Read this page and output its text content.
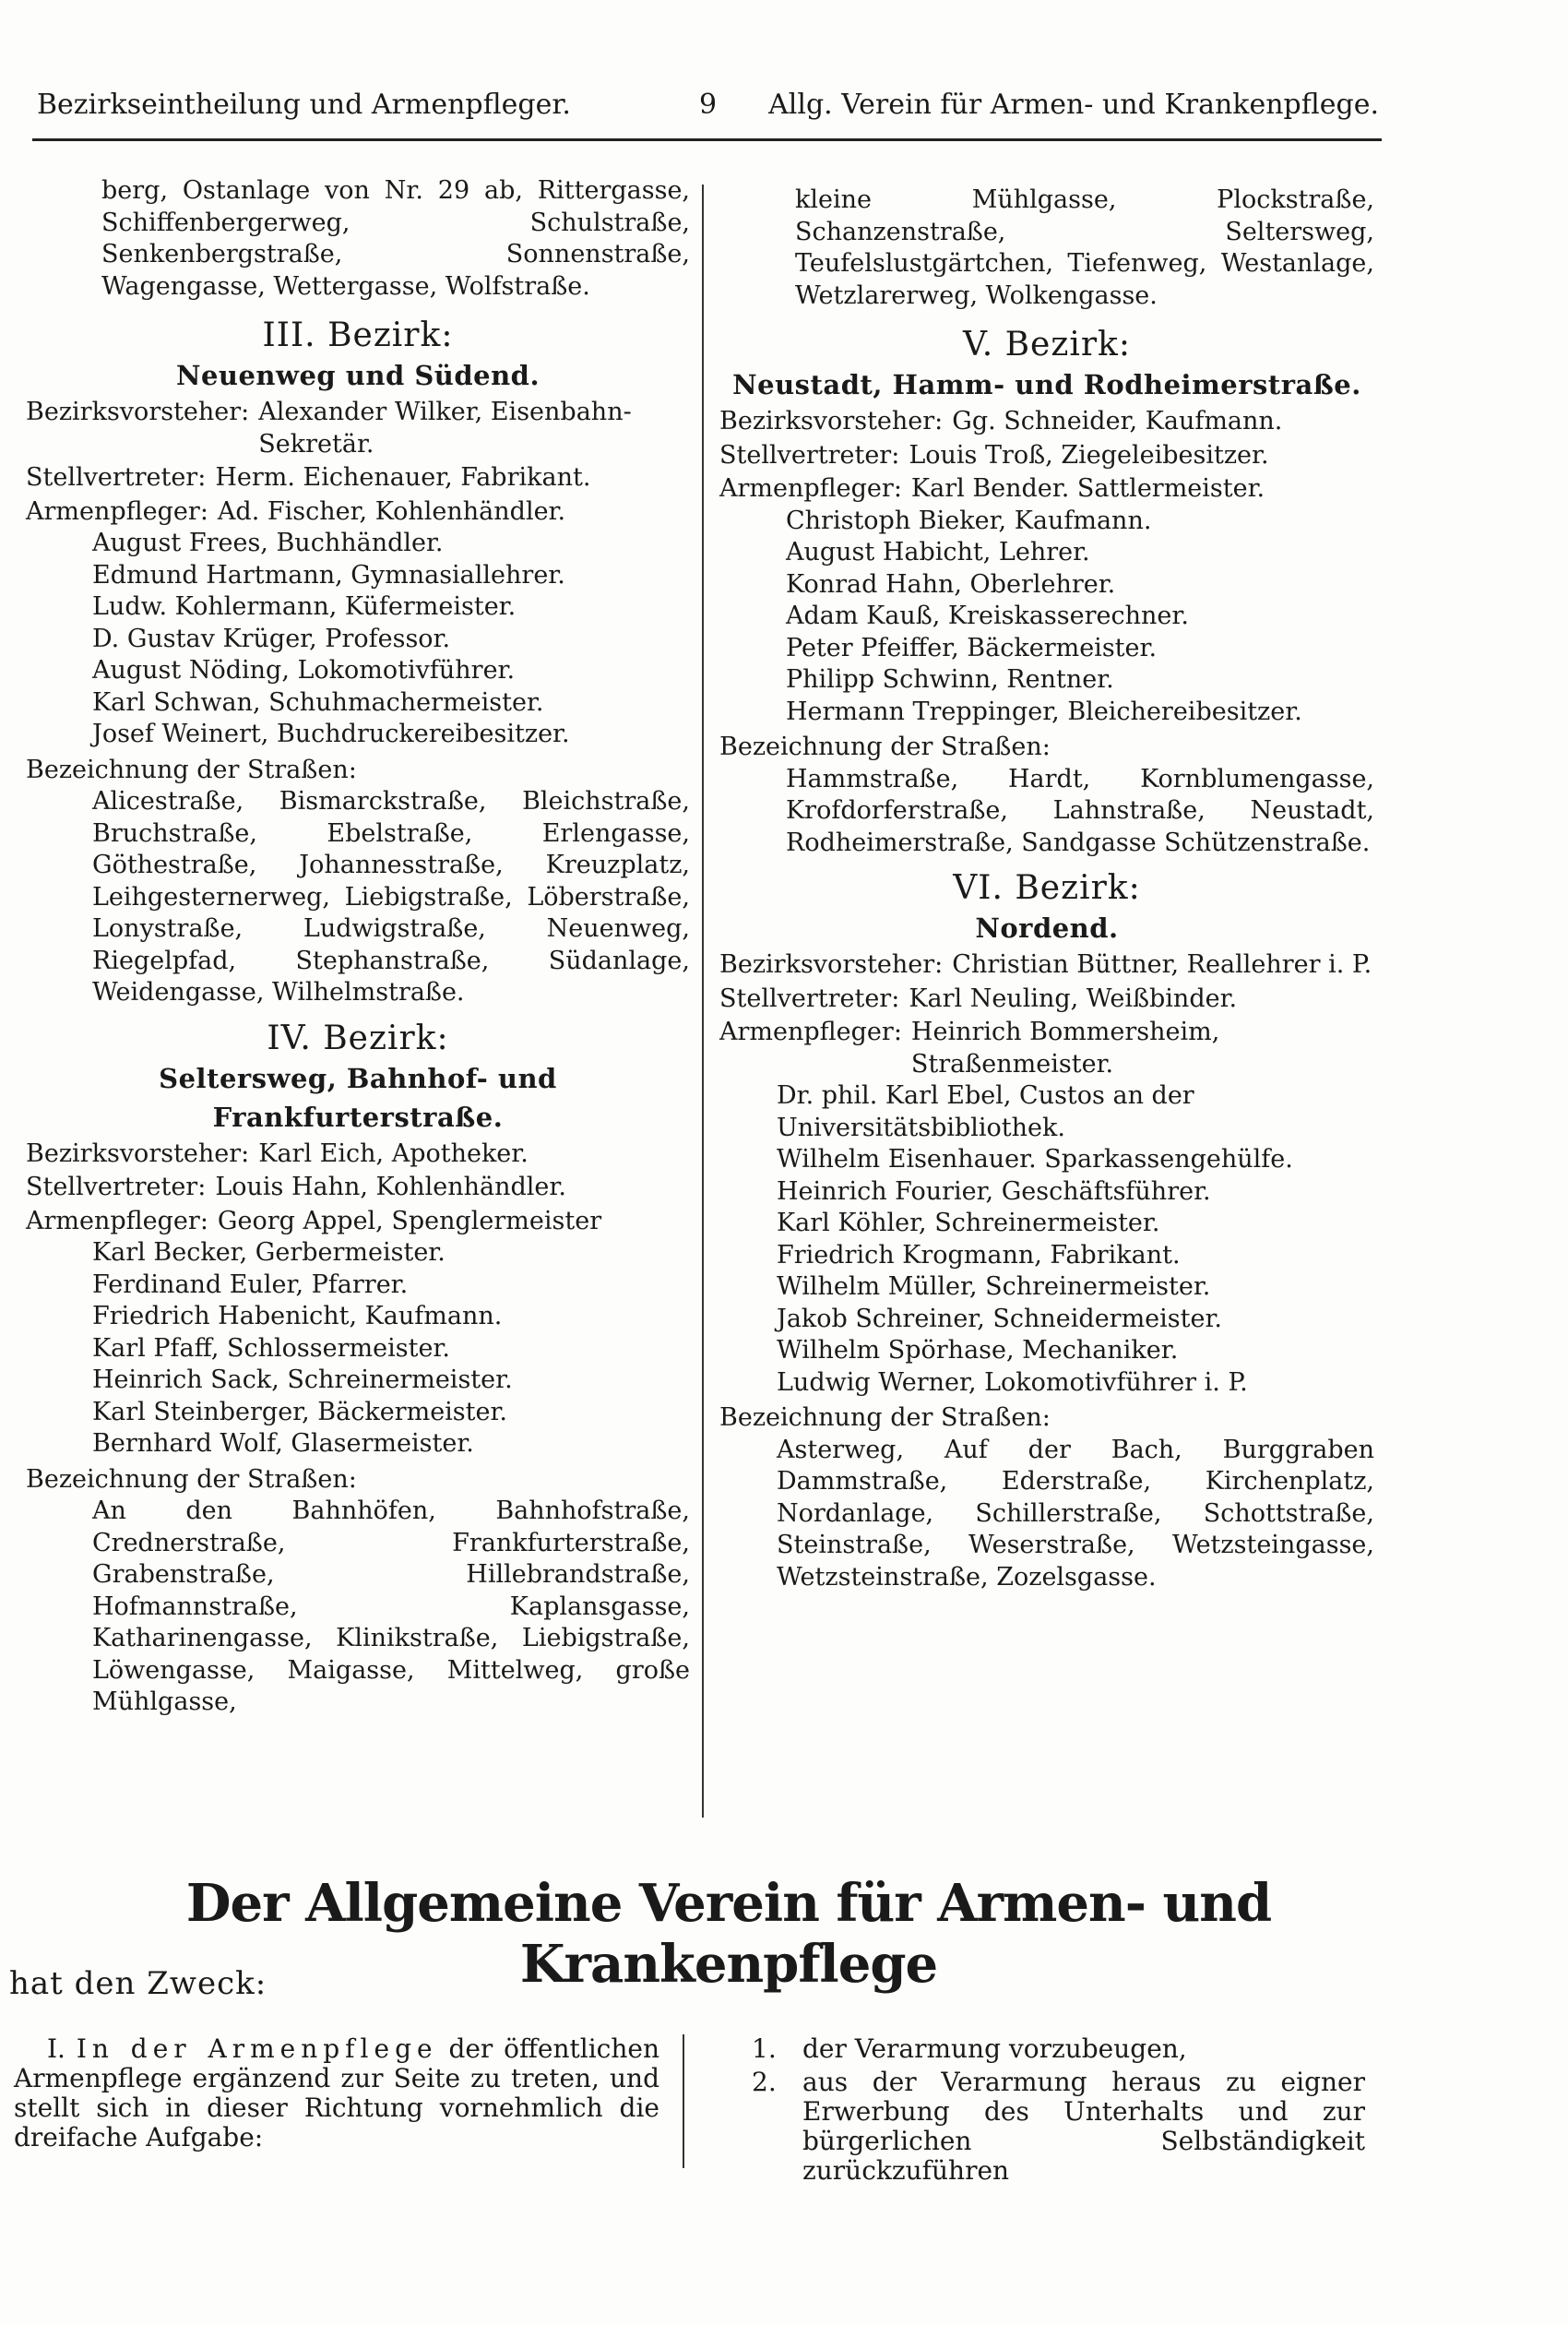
Bezirkseintheilung und Armenpfleger.	9 Allg. Verein für Armen- und Krankenpflege.
berg, Ostanlage von Nr. 29 ab, Rittergasse, Schiffenbergerweg, Schulstraße, Senkenbergstraße, Sonnenstraße, Wagengasse, Wettergasse, Wolfstraße.
III. Bezirk:
Neuenweg und Südend.
Bezirksvorsteher: Alexander Wilker, Eisenbahn-Sekretär.
Stellvertreter: Herm. Eichenauer, Fabrikant.
Armenpfleger: Ad. Fischer, Kohlenhändler.
August Frees, Buchhändler.
Edmund Hartmann, Gymnasiallehrer.
Ludw. Kohlermann, Küfermeister.
D. Gustav Krüger, Professor.
August Nöding, Lokomotivführer.
Karl Schwan, Schuhmachermeister.
Josef Weinert, Buchdruckereibesitzer.
Bezeichnung der Straßen:
Alicestraße, Bismarckstraße, Bleichstraße, Bruchstraße, Ebelstraße, Erlengasse, Göthestraße, Johannesstraße, Kreuzplatz, Leihgesternerweg, Liebigstraße, Löberstraße, Lonystraße, Ludwigstraße, Neuenweg, Riegelpfad, Stephanstraße, Südanlage, Weidengasse, Wilhelmstraße.
IV. Bezirk:
Seltersweg, Bahnhof- und Frankfurterstraße.
Bezirksvorsteher: Karl Eich, Apotheker.
Stellvertreter: Louis Hahn, Kohlenhändler.
Armenpfleger: Georg Appel, Spenglermeister
Karl Becker, Gerbermeister.
Ferdinand Euler, Pfarrer.
Friedrich Habenicht, Kaufmann.
Karl Pfaff, Schlossermeister.
Heinrich Sack, Schreinermeister.
Karl Steinberger, Bäckermeister.
Bernhard Wolf, Glasermeister.
Bezeichnung der Straßen:
An den Bahnhöfen, Bahnhofstraße, Crednerstraße, Frankfurterstraße, Grabenstraße, Hillebrandstraße, Hofmannstraße, Kaplansgasse, Katharinengasse, Klinikstraße, Liebigstraße, Löwengasse, Maigasse, Mittelweg, große Mühlgasse,
kleine Mühlgasse, Plockstraße, Schanzenstraße, Seltersweg, Teufelslustgärtchen, Tiefenweg, Westanlage, Wetzlarerweg, Wolkengasse.
V. Bezirk:
Neustadt, Hamm- und Rodheimerstraße.
Bezirksvorsteher: Gg. Schneider, Kaufmann.
Stellvertreter: Louis Troß, Ziegeleibesitzer.
Armenpfleger: Karl Bender. Sattlermeister.
Christoph Bieker, Kaufmann.
August Habicht, Lehrer.
Konrad Hahn, Oberlehrer.
Adam Kauß, Kreiskasserechner.
Peter Pfeiffer, Bäckermeister.
Philipp Schwinn, Rentner.
Hermann Treppinger, Bleichereibesitzer.
Bezeichnung der Straßen:
Hammstraße, Hardt, Kornblumengasse, Krofdorferstraße, Lahnstraße, Neustadt, Rodheimerstraße, Sandgasse Schützenstraße.
VI. Bezirk:
Nordend.
Bezirksvorsteher: Christian Büttner, Reallehrer i. P.
Stellvertreter: Karl Neuling, Weißbinder.
Armenpfleger: Heinrich Bommersheim, Straßenmeister.
Dr. phil. Karl Ebel, Custos an der Universitätsbibliothek.
Wilhelm Eisenhauer. Sparkassengehülfe.
Heinrich Fourier, Geschäftsführer.
Karl Köhler, Schreinermeister.
Friedrich Krogmann, Fabrikant.
Wilhelm Müller, Schreinermeister.
Jakob Schreiner, Schneidermeister.
Wilhelm Spörhase, Mechaniker.
Ludwig Werner, Lokomotivführer i. P.
Bezeichnung der Straßen:
Asterweg, Auf der Bach, Burggraben Dammstraße, Ederstraße, Kirchenplatz, Nordanlage, Schillerstraße, Schottstraße, Steinstraße, Weserstraße, Wetzsteingasse, Wetzsteinstraße, Zozelsgasse.
Der Allgemeine Verein für Armen- und Krankenpflege
hat den Zweck:
I. In der Armenpflege der öffentlichen Armenpflege ergänzend zur Seite zu treten, und stellt sich in dieser Richtung vornehmlich die dreifache Aufgabe:
1.	der Verarmung vorzubeugen,
2.	aus der Verarmung heraus zu eigner Erwerbung des Unterhalts und zur bürgerlichen Selbständigkeit zurückzuführen
